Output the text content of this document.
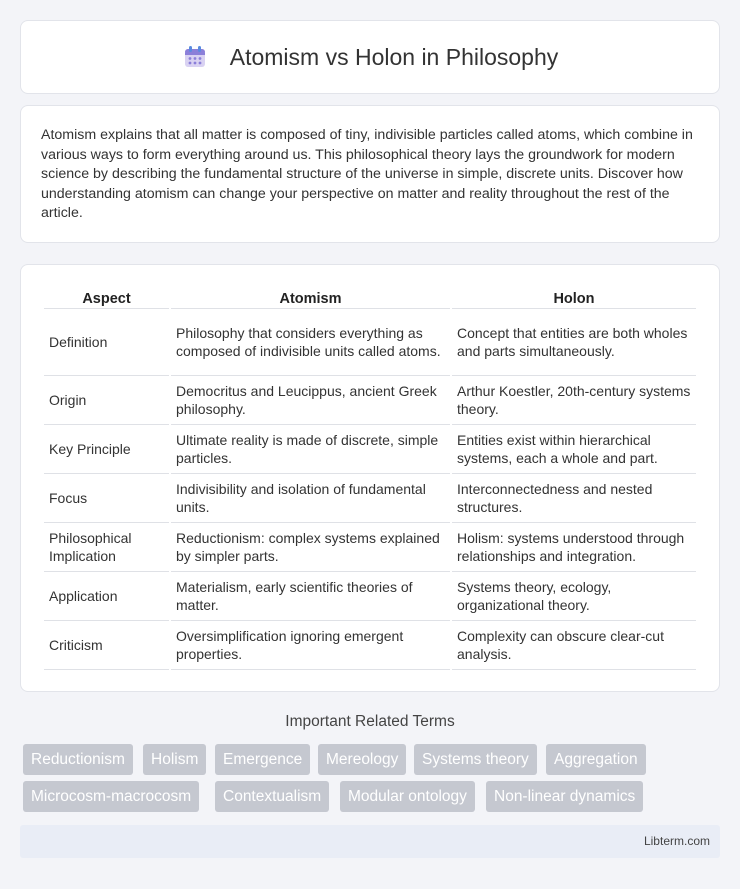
Atomism vs Holon in Philosophy

Atomism explains that all matter is composed of tiny, indivisible particles called atoms, which combine in various ways to form everything around us. This philosophical theory lays the groundwork for modern science by describing the fundamental structure of the universe in simple, discrete units. Discover how understanding atomism can change your perspective on matter and reality throughout the rest of the article.

Aspect	Atomism	Holon
Definition	Philosophy that considers everything as composed of indivisible units called atoms.	Concept that entities are both wholes and parts simultaneously.
Origin	Democritus and Leucippus, ancient Greek philosophy.	Arthur Koestler, 20th-century systems theory.
Key Principle	Ultimate reality is made of discrete, simple particles.	Entities exist within hierarchical systems, each a whole and part.
Focus	Indivisibility and isolation of fundamental units.	Interconnectedness and nested structures.
Philosophical Implication	Reductionism: complex systems explained by simpler parts.	Holism: systems understood through relationships and integration.
Application	Materialism, early scientific theories of matter.	Systems theory, ecology, organizational theory.
Criticism	Oversimplification ignoring emergent properties.	Complexity can obscure clear-cut analysis.
Important Related Terms
Reductionism	Holism	Emergence	Mereology	Systems theory	Aggregation
Microcosm-macrocosm	Contextualism	Modular ontology	Non-linear dynamics
Libterm.com
